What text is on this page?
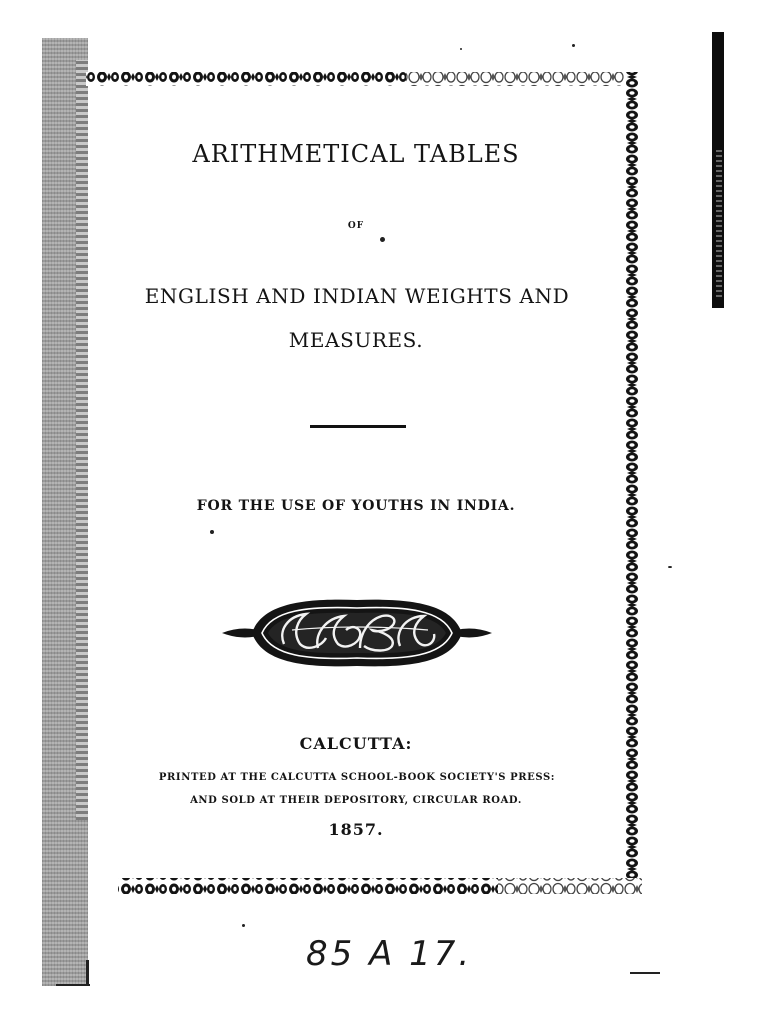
ARITHMETICAL TABLES
OF
ENGLISH AND INDIAN WEIGHTS AND
MEASURES.
FOR THE USE OF YOUTHS IN INDIA.
CALCUTTA:
PRINTED AT THE CALCUTTA SCHOOL-BOOK SOCIETY'S PRESS:
AND SOLD AT THEIR DEPOSITORY, CIRCULAR ROAD.
1857.
85 A 17.
